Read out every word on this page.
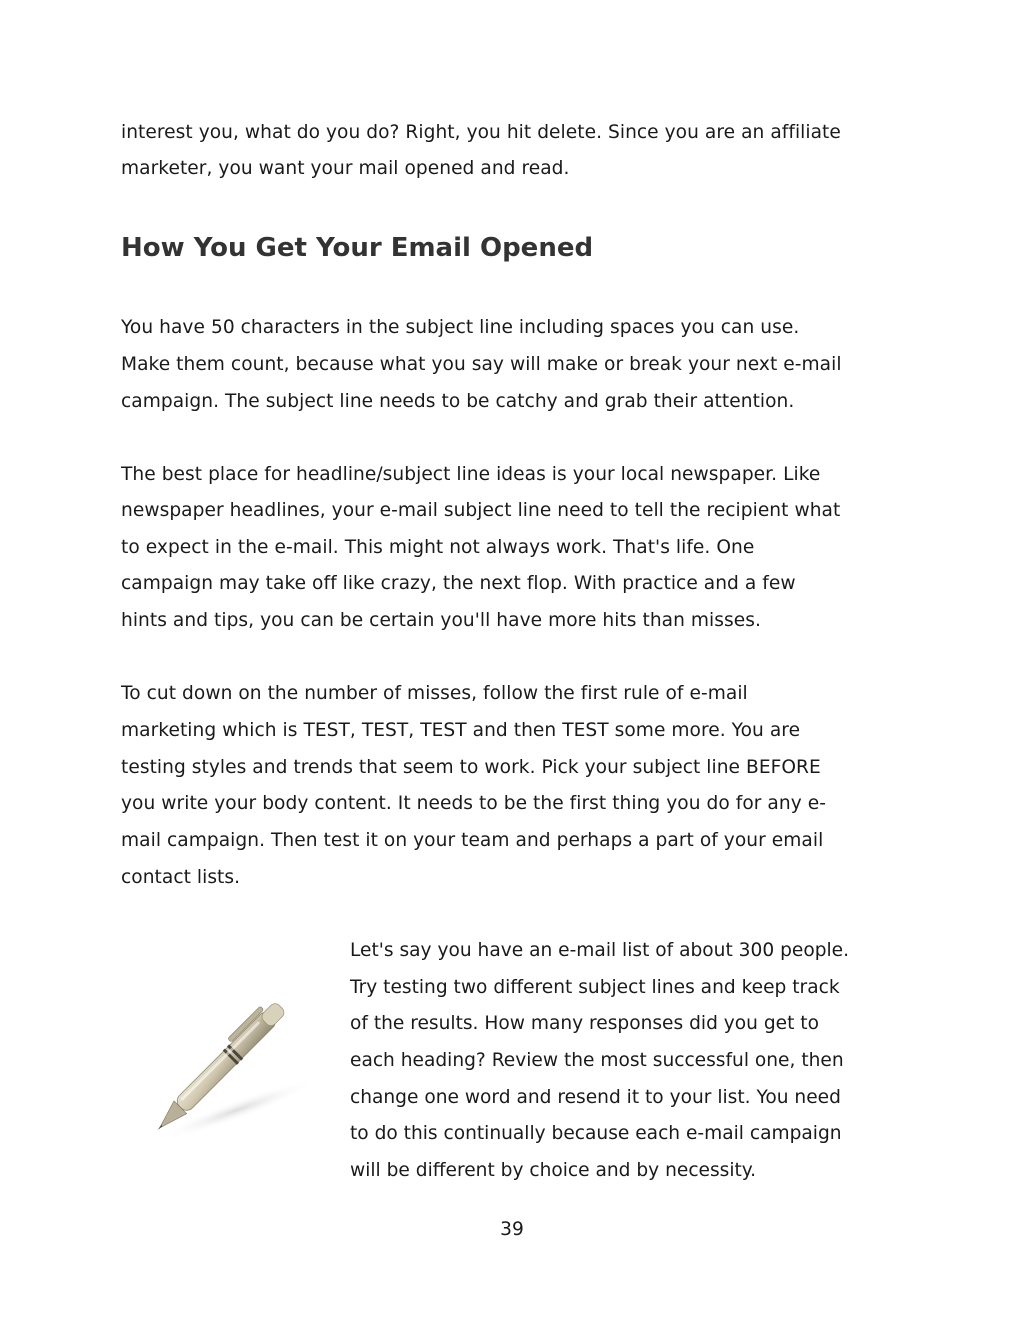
interest you, what do you do? Right, you hit delete. Since you are an affiliate
marketer, you want your mail opened and read.
How You Get Your Email Opened
You have 50 characters in the subject line including spaces you can use.
Make them count, because what you say will make or break your next e-mail
campaign. The subject line needs to be catchy and grab their attention.
The best place for headline/subject line ideas is your local newspaper. Like
newspaper headlines, your e-mail subject line need to tell the recipient what
to expect in the e-mail. This might not always work. That's life. One
campaign may take off like crazy, the next flop. With practice and a few
hints and tips, you can be certain you'll have more hits than misses.
To cut down on the number of misses, follow the first rule of e-mail
marketing which is TEST, TEST, TEST and then TEST some more. You are
testing styles and trends that seem to work. Pick your subject line BEFORE
you write your body content. It needs to be the first thing you do for any e-
mail campaign. Then test it on your team and perhaps a part of your email
contact lists.
Let's say you have an e-mail list of about 300 people.
Try testing two different subject lines and keep track
of the results. How many responses did you get to
each heading? Review the most successful one, then
change one word and resend it to your list. You need
to do this continually because each e-mail campaign
will be different by choice and by necessity.
39
